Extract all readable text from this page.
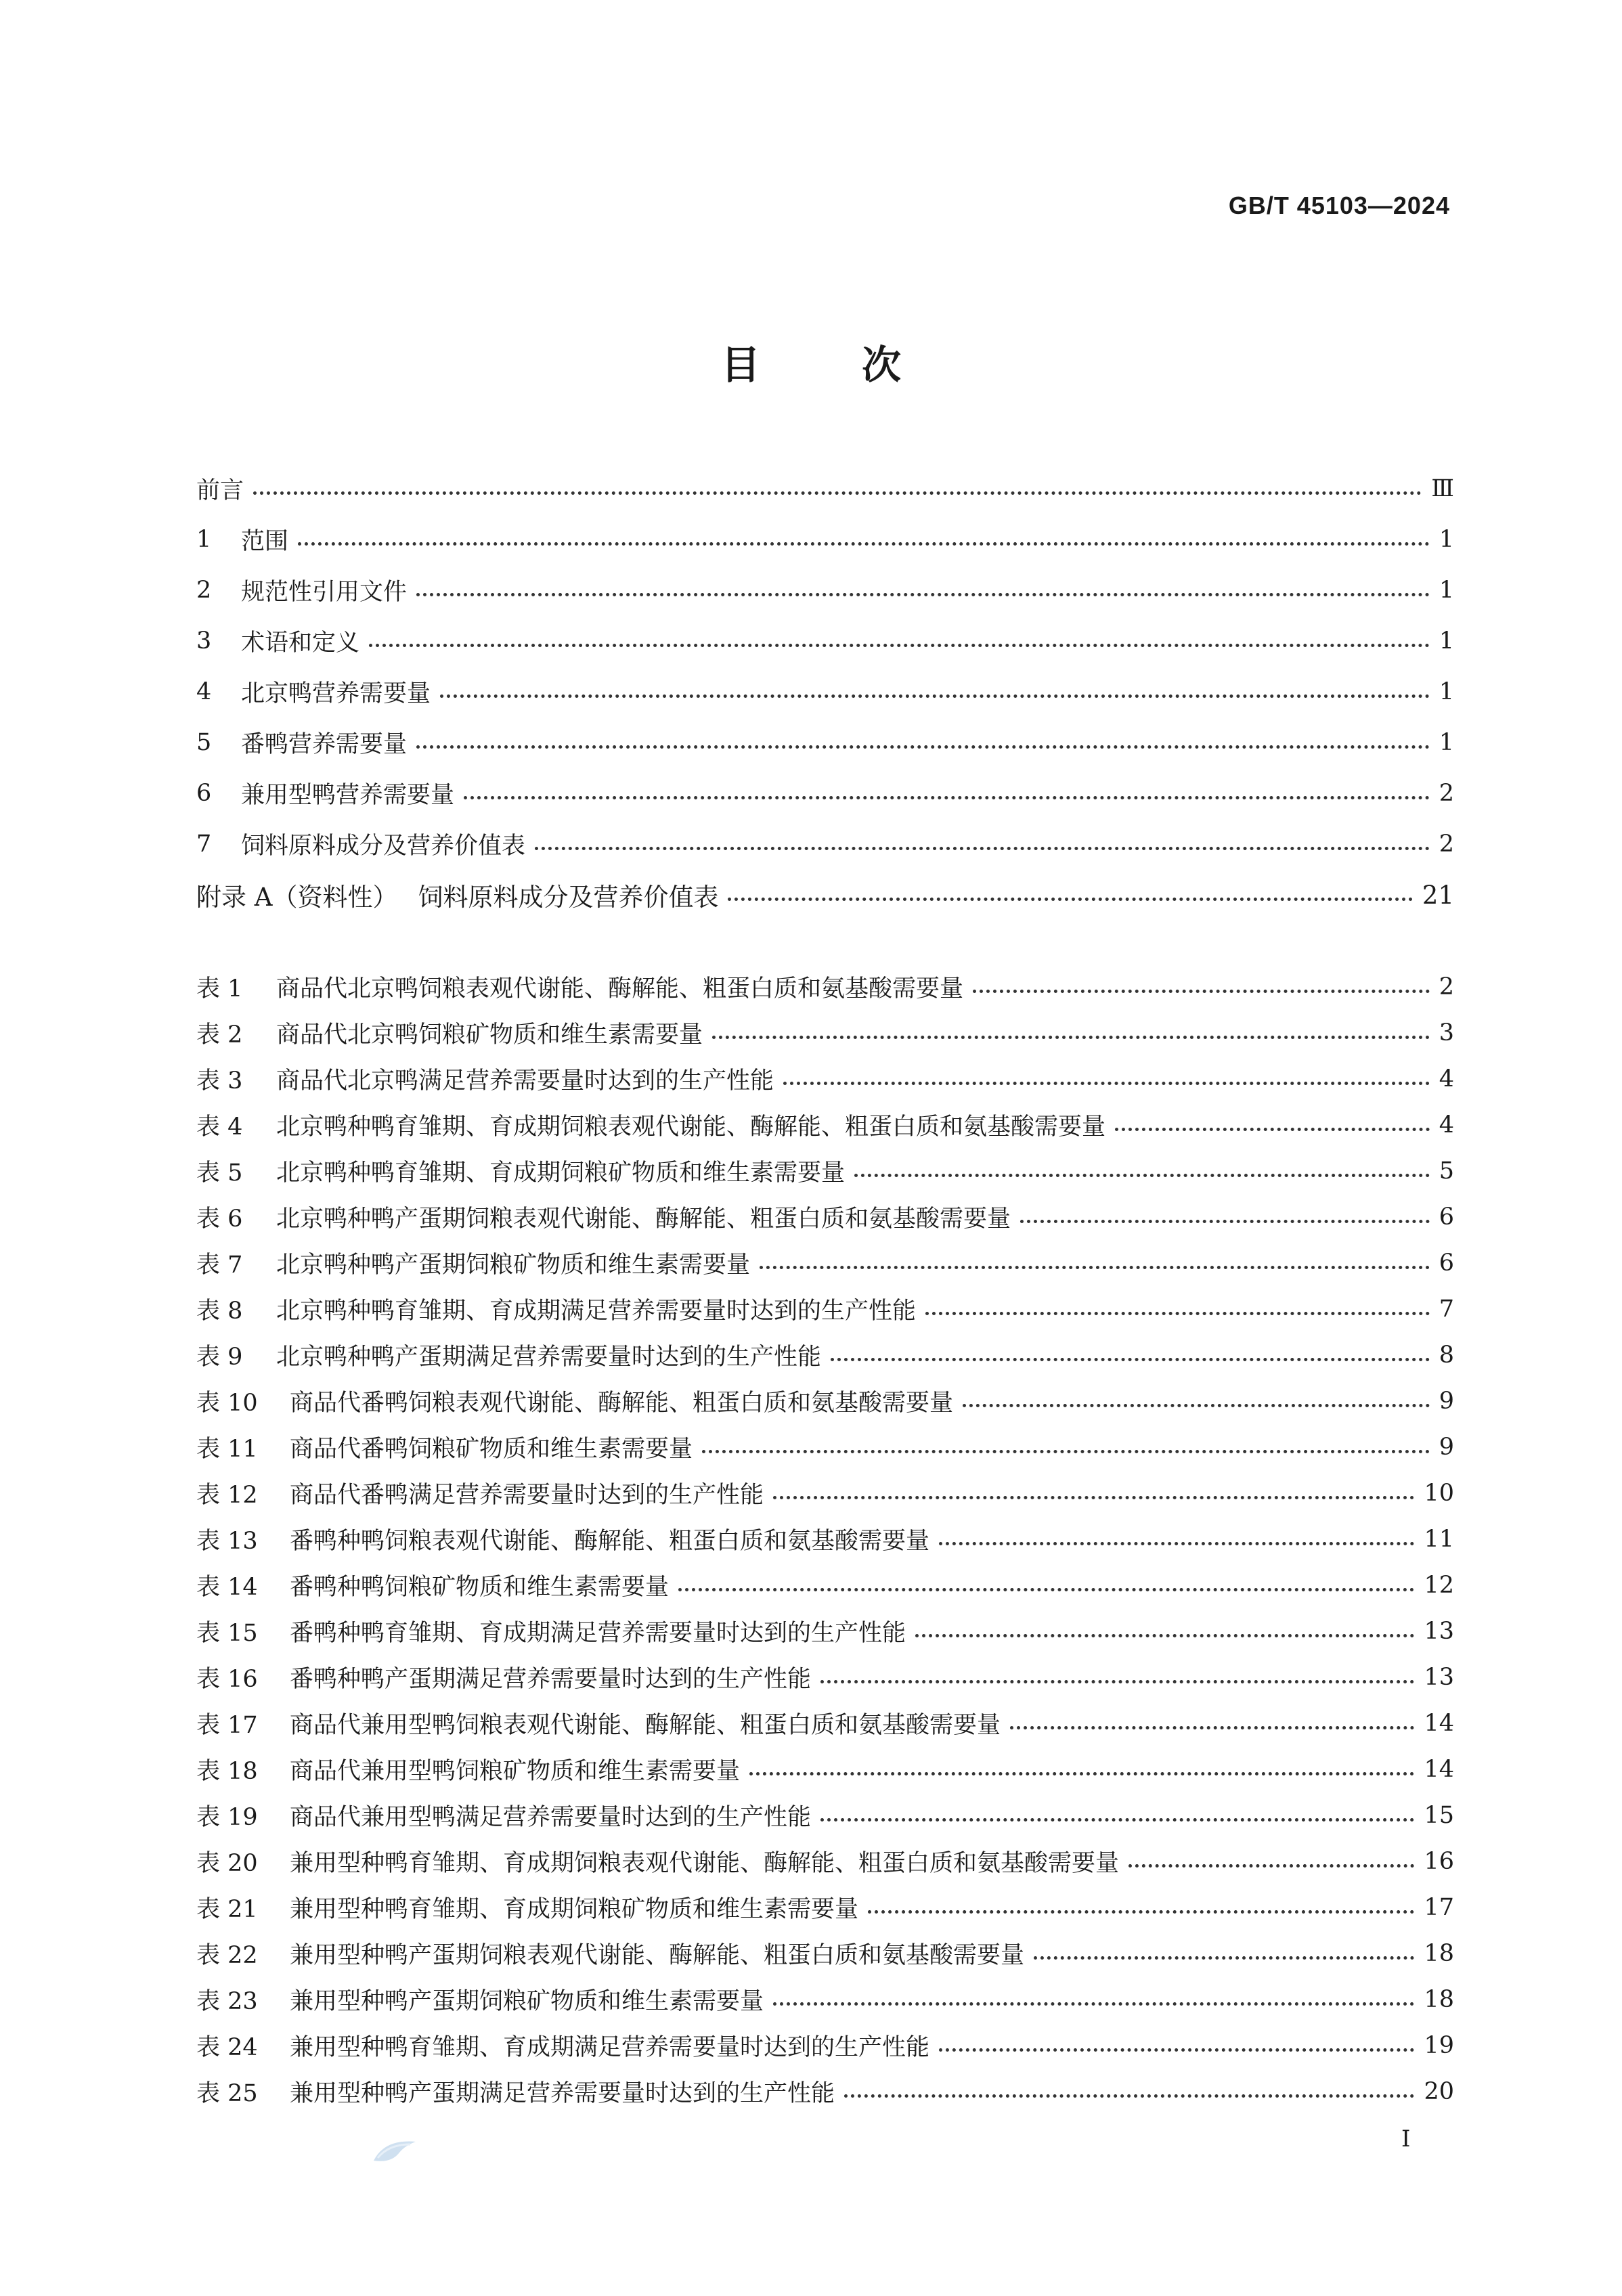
GB/T 45103—2024
目	次
前言	Ⅲ
1	范围	1
2	规范性引用文件	1
3	术语和定义	1
4	北京鸭营养需要量	1
5	番鸭营养需要量	1
6	兼用型鸭营养需要量	2
7	饲料原料成分及营养价值表	2
附录 A（资料性） 饲料原料成分及营养价值表	21
表 1	商品代北京鸭饲粮表观代谢能、酶解能、粗蛋白质和氨基酸需要量	2
表 2	商品代北京鸭饲粮矿物质和维生素需要量	3
表 3	商品代北京鸭满足营养需要量时达到的生产性能	4
表 4	北京鸭种鸭育雏期、育成期饲粮表观代谢能、酶解能、粗蛋白质和氨基酸需要量	4
表 5	北京鸭种鸭育雏期、育成期饲粮矿物质和维生素需要量	5
表 6	北京鸭种鸭产蛋期饲粮表观代谢能、酶解能、粗蛋白质和氨基酸需要量	6
表 7	北京鸭种鸭产蛋期饲粮矿物质和维生素需要量	6
表 8	北京鸭种鸭育雏期、育成期满足营养需要量时达到的生产性能	7
表 9	北京鸭种鸭产蛋期满足营养需要量时达到的生产性能	8
表 10	商品代番鸭饲粮表观代谢能、酶解能、粗蛋白质和氨基酸需要量	9
表 11	商品代番鸭饲粮矿物质和维生素需要量	9
表 12	商品代番鸭满足营养需要量时达到的生产性能	10
表 13	番鸭种鸭饲粮表观代谢能、酶解能、粗蛋白质和氨基酸需要量	11
表 14	番鸭种鸭饲粮矿物质和维生素需要量	12
表 15	番鸭种鸭育雏期、育成期满足营养需要量时达到的生产性能	13
表 16	番鸭种鸭产蛋期满足营养需要量时达到的生产性能	13
表 17	商品代兼用型鸭饲粮表观代谢能、酶解能、粗蛋白质和氨基酸需要量	14
表 18	商品代兼用型鸭饲粮矿物质和维生素需要量	14
表 19	商品代兼用型鸭满足营养需要量时达到的生产性能	15
表 20	兼用型种鸭育雏期、育成期饲粮表观代谢能、酶解能、粗蛋白质和氨基酸需要量	16
表 21	兼用型种鸭育雏期、育成期饲粮矿物质和维生素需要量	17
表 22	兼用型种鸭产蛋期饲粮表观代谢能、酶解能、粗蛋白质和氨基酸需要量	18
表 23	兼用型种鸭产蛋期饲粮矿物质和维生素需要量	18
表 24	兼用型种鸭育雏期、育成期满足营养需要量时达到的生产性能	19
表 25	兼用型种鸭产蛋期满足营养需要量时达到的生产性能	20
I
